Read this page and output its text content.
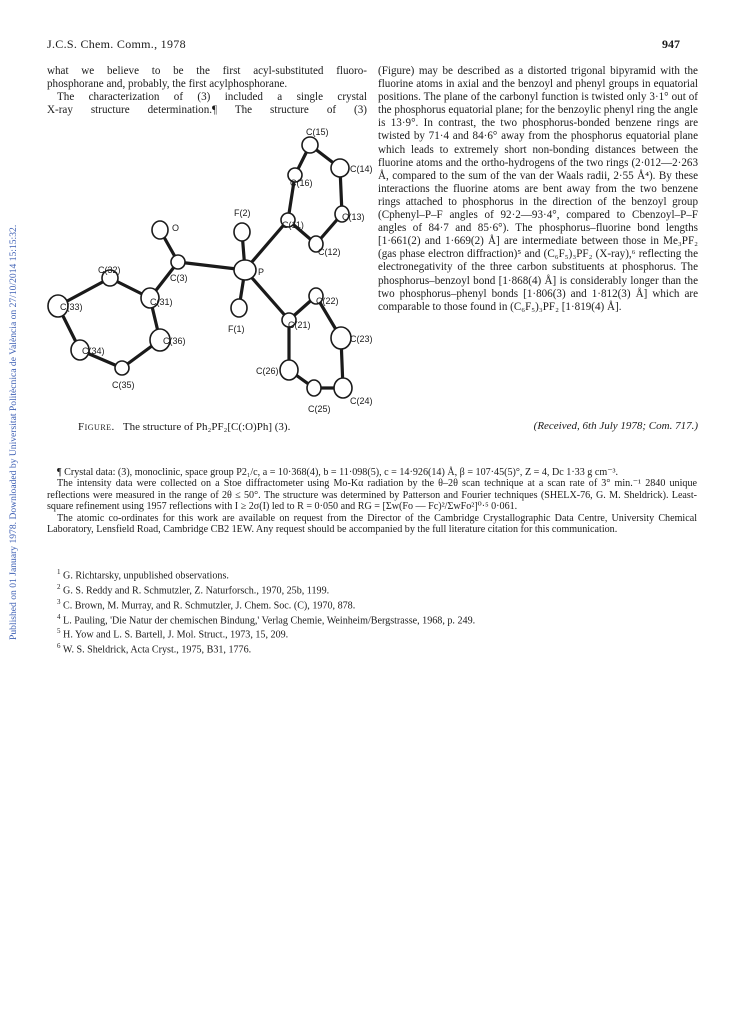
Published on 01 January 1978. Downloaded by Universitat Politècnica de València on 27/10/2014 15:15:32.
J.C.S. Chem. Comm., 1978	947
what we believe to be the first acyl-substituted fluoro-
phosphorane and, probably, the first acylphosphorane.
The characterization of (3) included a single crystal
X-ray structure determination.¶ The structure of (3)

(Figure) may be described as a distorted trigonal bipyramid with the fluorine atoms in axial and the benzoyl and phenyl groups in equatorial positions. The plane of the carbonyl function is twisted only 3·1° out of the phosphorus equatorial plane; for the benzoylic phenyl ring the angle is 13·9°. In contrast, the two phosphorus-bonded benzene rings are twisted by 71·4 and 84·6° away from the phosphorus equatorial plane which leads to extremely short non-bonding distances between the fluorine atoms and the ortho-hydrogens of the two rings (2·012—2·263 Å, compared to the sum of the van der Waals radii, 2·55 Å⁴). By these interactions the fluorine atoms are bent away from the two benzene rings attached to phosphorus in the direction of the benzoyl group (Cphenyl–P–F angles of 92·2—93·4°, compared to Cbenzoyl–P–F angles of 84·7 and 85·6°). The phosphorus–fluorine bond lengths [1·661(2) and 1·669(2) Å] are intermediate between those in Me₃PF₂ (gas phase electron diffraction)⁵ and (C₆F₅)₃PF₂ (X-ray),⁶ reflecting the electronegativity of the three carbon substituents at phosphorus. The phosphorus–benzoyl bond [1·868(4) Å] is considerably longer than the two phosphorus–phenyl bonds [1·806(3) and 1·812(3) Å] which are comparable to those found in (C₆F₅)₃PF₂ [1·819(4) Å].

P
F(2)
F(1)
C(3)
O	C(11)
C(12)
C(13)
C(14)
C(15)
C(16)
C(21)
C(22)
C(23)
C(24)
C(25)
C(26)
C(31)
C(32)
C(33)
C(34)
C(35)
C(36)
Figure. The structure of Ph₂PF₂[C(:O)Ph] (3).	(Received, 6th July 1978; Com. 717.)

¶ Crystal data: (3), monoclinic, space group P2₁/c, a = 10·368(4), b = 11·098(5), c = 14·926(14) Å, β = 107·45(5)°, Z = 4, Dc 1·33 g cm⁻³.

The intensity data were collected on a Stoe diffractometer using Mo-Kα radiation by the θ–2θ scan technique at a scan rate of 3° min.⁻¹ 2840 unique reflections were measured in the range of 2θ ≤ 50°. The structure was determined by Patterson and Fourier techniques (SHELX-76, G. M. Sheldrick). Least-square refinement using 1957 reflections with I ≥ 2σ(I) led to R = 0·050 and RG = [Σw(Fo — Fc)²/ΣwFo²]⁰·⁵ 0·061.

The atomic co-ordinates for this work are available on request from the Director of the Cambridge Crystallographic Data Centre, University Chemical Laboratory, Lensfield Road, Cambridge CB2 1EW. Any request should be accompanied by the full literature citation for this communication.

$^1$ G. Richtarsky, unpublished observations.
$^2$ G. S. Reddy and R. Schmutzler, Z. Naturforsch., 1970, 25b, 1199.
$^3$ C. Brown, M. Murray, and R. Schmutzler, J. Chem. Soc. (C), 1970, 878.
$^4$ L. Pauling, 'Die Natur der chemischen Bindung,' Verlag Chemie, Weinheim/Bergstrasse, 1968, p. 249.
$^5$ H. Yow and L. S. Bartell, J. Mol. Struct., 1973, 15, 209.
$^6$ W. S. Sheldrick, Acta Cryst., 1975, B31, 1776.
